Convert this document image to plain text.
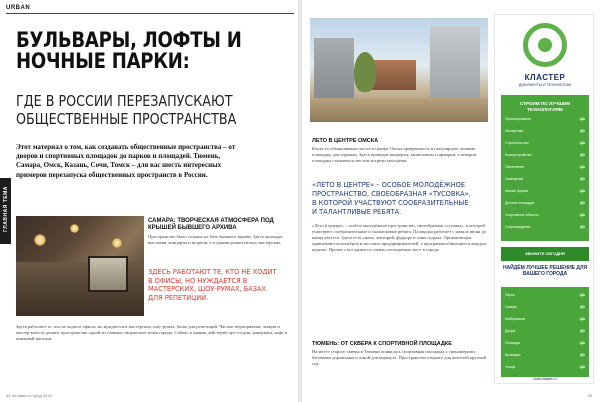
URBAN
БУЛЬВАРЫ, ЛОФТЫ И НОЧНЫЕ ПАРКИ:
ГДЕ В РОССИИ ПЕРЕЗАПУСКАЮТ ОБЩЕСТВЕННЫЕ ПРОСТРАНСТВА
ГЛАВНАЯ ТЕМА
Этот материал о том, как создавать общественные пространства – от дворов и спортивных площадок до парков и площадей. Тюмень, Самара, Омск, Казань, Сочи, Томск – для вас шесть интересных примеров перезапуска общественных пространств в России.
САМАРА: ТВОРЧЕСКАЯ АТМОСФЕРА ПОД КРЫШЕЙ БЫВШЕГО АРХИВА
Пространство было создано на базе бывшего архива. Здесь проходят выставки, концерты и встречи, а в здании разместились мастерские.
ЗДЕСЬ РАБОТАЮТ ТЕ, КТО НЕ ХОДИТ В ОФИСЫ, НО НУЖДАЕТСЯ В МАСТЕРСКИХ, ШОУ-РУМАХ, БАЗАХ ДЛЯ РЕПЕТИЦИЙ.
Здесь работают те, кто не ходит в офисы, но нуждается в мастерских, шоу-румах, базах для репетиций. Частые мероприятия, лекции и мастер-классы делают пространство одной из главных творческих точек города. Сейчас в здании действуют арт-студии, коворкинг, кафе и книжный магазин.
44 Человек и город 2019
ЛЕТО В ЦЕНТРЕ ОМСКА
Когда-то обыкновенное место в центре Омска превратилось в популярную летнюю площадку для горожан. Здесь проводят концерты, кинопоказы и ярмарки, а вечером площадка становится местом встречи молодёжи.
«ЛЕТО В ЦЕНТРЕ» – ОСОБОЕ МОЛОДЁЖНОЕ ПРОСТРАНСТВО, СВОЕОБРАЗНАЯ «ТУСОВКА», В КОТОРОЙ УЧАСТВУЮТ СООБРАЗИТЕЛЬНЫЕ И ТАЛАНТЛИВЫЕ РЕБЯТА.
«Лето в центре» – особое молодёжное пространство, своеобразная «тусовка», в которой участвуют сообразительные и талантливые ребята. Площадка работает с начала июня до конца августа. Здесь есть сцена, лекторий, фудкорт и зоны отдыха. Организаторы привлекают волонтёров и местных предпринимателей, а программа обновляется каждую неделю. Проект стал одним из самых посещаемых мест в городе.
ТЮМЕНЬ: ОТ СКВЕРА К СПОРТИВНОЙ ПЛОЩАДКЕ
На месте старого сквера в Тюмени появилась спортивная площадка с тренажёрами, беговыми дорожками и зоной для воркаута. Пространство открыто для жителей круглый год.
КЛАСТЕР
ДОКУМЕНТЫ И ТЕХНОЛОГИИ
СТРОИМ ПО ЛУЧШИМ ТЕХНОЛОГИЯМ
Проектирование	ДА
Экспертиза	ДА
Строительство	ДА
Благоустройство	ДА
Озеленение	ДА
Освещение	ДА
Малые формы	ДА
Детские площадки	ДА
Спортивные объекты	ДА
Сопровождение	ДА
ЗВОНИТЕ СЕГОДНЯ
НАЙДЁМ ЛУЧШЕЕ РЕШЕНИЕ ДЛЯ ВАШЕГО ГОРОДА
Парки	ДА
Скверы	ДА
Набережные	ДА
Дворы	ДА
Площади	ДА
Бульвары	ДА
Улицы	ДА
www.klaster.ru
45
